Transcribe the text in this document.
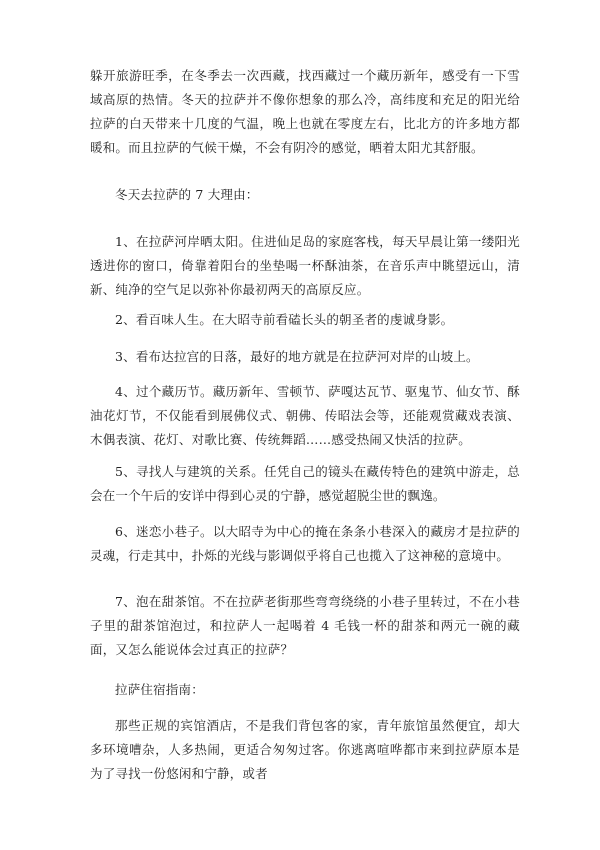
躲开旅游旺季，在冬季去一次西藏，找西藏过一个藏历新年，感受有一下雪域高原的热情。冬天的拉萨并不像你想象的那么冷，高纬度和充足的阳光给拉萨的白天带来十几度的气温，晚上也就在零度左右，比北方的许多地方都暖和。而且拉萨的气候干燥，不会有阴冷的感觉，晒着太阳尤其舒服。

冬天去拉萨的 7 大理由：

1、在拉萨河岸晒太阳。住进仙足岛的家庭客栈，每天早晨让第一缕阳光透进你的窗口，倚靠着阳台的坐垫喝一杯酥油茶，在音乐声中眺望远山，清新、纯净的空气足以弥补你最初两天的高原反应。

2、看百味人生。在大昭寺前看磕长头的朝圣者的虔诚身影。

3、看布达拉宫的日落，最好的地方就是在拉萨河对岸的山坡上。

4、过个藏历节。藏历新年、雪顿节、萨嘎达瓦节、驱鬼节、仙女节、酥油花灯节，不仅能看到展佛仪式、朝佛、传昭法会等，还能观赏藏戏表演、木偶表演、花灯、对歌比赛、传统舞蹈……感受热闹又快活的拉萨。

5、寻找人与建筑的关系。任凭自己的镜头在藏传特色的建筑中游走，总会在一个午后的安详中得到心灵的宁静，感觉超脱尘世的飘逸。

6、迷恋小巷子。以大昭寺为中心的掩在条条小巷深入的藏房才是拉萨的灵魂，行走其中，扑烁的光线与影调似乎将自己也揽入了这神秘的意境中。

7、泡在甜茶馆。不在拉萨老街那些弯弯绕绕的小巷子里转过，不在小巷子里的甜茶馆泡过，和拉萨人一起喝着 4 毛钱一杯的甜茶和两元一碗的藏面，又怎么能说体会过真正的拉萨？

拉萨住宿指南：

那些正规的宾馆酒店，不是我们背包客的家，青年旅馆虽然便宜，却大多环境嘈杂，人多热闹，更适合匆匆过客。你逃离喧哗都市来到拉萨原本是为了寻找一份悠闲和宁静，或者
